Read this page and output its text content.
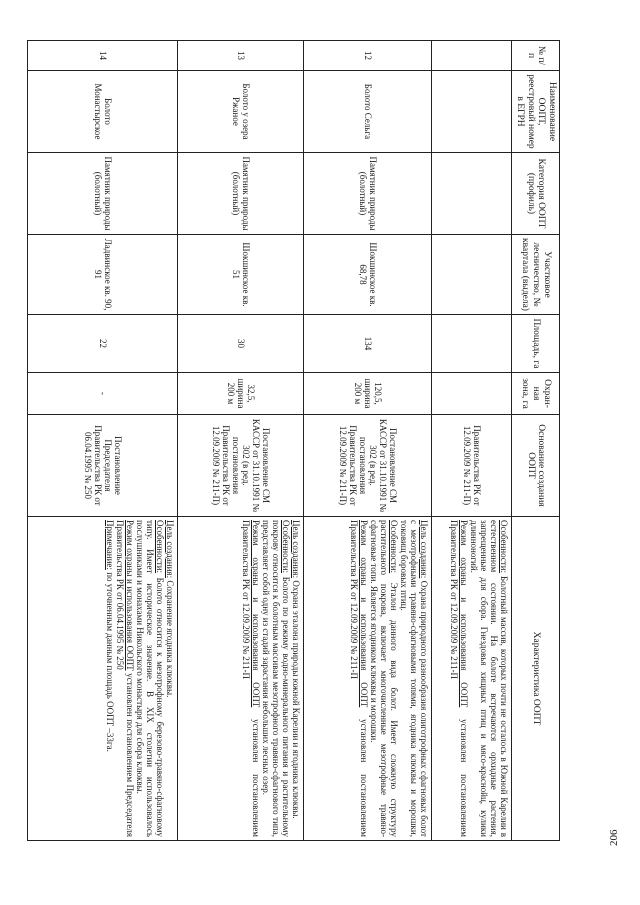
№ п/п	Наименование ООПТ, реестровый номер в ЕГРН	Категория ООПТ (профиль)	Участковое лесничество, № квартала (выдела)	Площадь, га	Охран-ная зона, га	Основание создания ООПТ	Характеристика ООПТ
						Правительства РК от 12.09.2009 № 211-П)	Особенности: Болотный массив, которых почти не осталось в Южной Карелии в естественном состоянии. На болоте встречаются орхидные растения, запрещенные для сбора. Гнездовья хищных птиц и мясо-краснойц, кулики длинноногий.
Режим охраны и использования ООПТ установлен постановлением Правительства РК от 12.09.2009 № 211-П
12	Болото Сельга	Памятник природы (болотный)	Шокшинское кв. 68,78	134	120,5, ширина 200 м	Постановление СМ КАССР от 31.10.1991 № 302 (в ред. постановления Правительства РК от 12.09.2009 № 211-П)	Цель создания: Охрана природного разнообразия олиготрофных сфагновых болот с мезотрофными травяно-сфагновыми топями, ягодника клюквы и морошки, токовищ боровых птиц.
Особенности: Эталон данного вида болот. Имеет сложную структуру растительного покрова, включает многочисленные мезотрофные травяно-сфагновые топи. Является ягодником клюквы и морошки.
Режим охраны и использования ООПТ установлен постановлением Правительства РК от 12.09.2009 № 211-П
13	Болото у озера Ржаное	Памятник природы (болотный)	Шокшинское кв. 51	30	32,5, ширина 200 м	Постановление СМ КАССР от 31.10.1991 № 302 (в ред. постановления Правительства РК от 12.09.2009 № 211-П)	Цель создания: Охрана эталона природы южной Карелии и ягодника клюквы.
Особенности: Болото по режиму водно-минерального питания и растительному покрову относится к болотным массивам мезотрофного травяно-сфагнового типа, представляет собой одну из стадий зарастания небольших лесных озер.
Режим охраны и использования ООПТ установлен постановлением Правительства РК от 12.09.2009 № 211-П
14	Болото Монастырское	Памятник природы (болотный)	Ладвинское кв. 90, 91	22	-	Постановление Председателя Правительства РК от 06.04.1995 № 250	Цель создания: Сохранение ягодника клюквы.
Особенности: Болото относится к мезотрофному березово-травяно-сфагновому типу. Имеет историческое значение. В XIX столетии использовалось послушниками и монахами Никольского монастыря для сбора клюквы.
Режим охраны и использования ООПТ установлен постановлением Председателя Правительства РК от 06.04.1995 № 250
Примечание: по уточненным данным площадь ООПТ –33га.
206
